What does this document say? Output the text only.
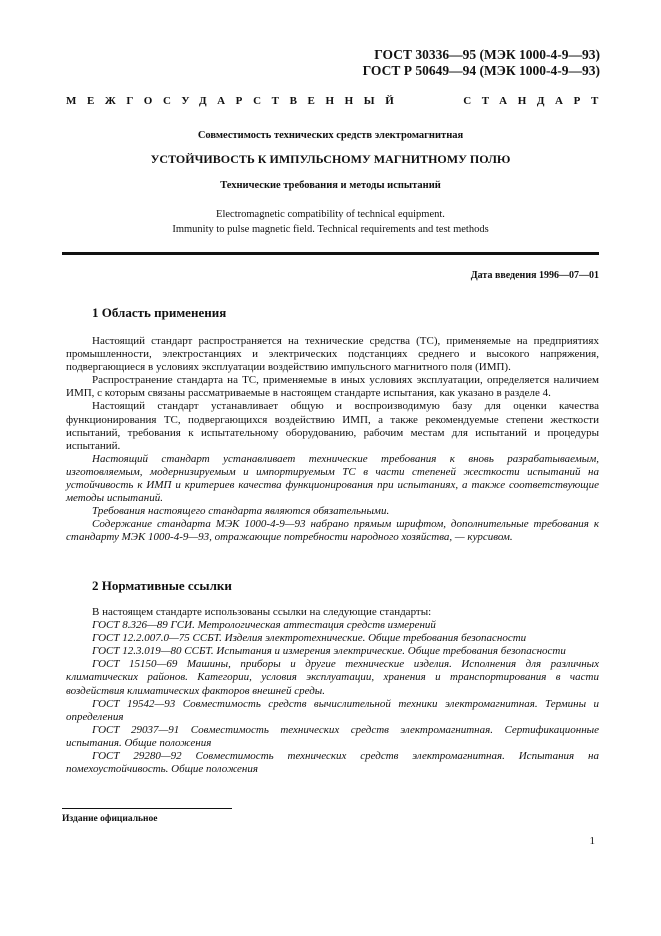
ГОСТ 30336—95 (МЭК 1000-4-9—93)
ГОСТ Р 50649—94 (МЭК 1000-4-9—93)
МЕЖГОСУДАРСТВЕННЫЙ	СТАНДАРТ
Совместимость технических средств электромагнитная
УСТОЙЧИВОСТЬ К ИМПУЛЬСНОМУ МАГНИТНОМУ ПОЛЮ
Технические требования и методы испытаний
Electromagnetic compatibility of technical equipment.
Immunity to pulse magnetic field. Technical requirements and test methods
Дата введения 1996—07—01
1 Область применения

Настоящий стандарт распространяется на технические средства (ТС), применяемые на предприятиях промышленности, электростанциях и электрических подстанциях среднего и высокого напряжения, подвергающиеся в условиях эксплуатации воздействию импульсного магнитного поля (ИМП).

Распространение стандарта на ТС, применяемые в иных условиях эксплуатации, определяется наличием ИМП, с которым связаны рассматриваемые в настоящем стандарте испытания, как указано в разделе 4.

Настоящий стандарт устанавливает общую и воспроизводимую базу для оценки качества функционирования ТС, подвергающихся воздействию ИМП, а также рекомендуемые степени жесткости испытаний, требования к испытательному оборудованию, рабочим местам для испытаний и процедуры испытаний.

Настоящий стандарт устанавливает технические требования к вновь разрабатываемым, изготовляемым, модернизируемым и импортируемым ТС в части степеней жесткости испытаний на устойчивость к ИМП и критериев качества функционирования при испытаниях, а также соответствующие методы испытаний.

Требования настоящего стандарта являются обязательными.

Содержание стандарта МЭК 1000-4-9—93 набрано прямым шрифтом, дополнительные требования к стандарту МЭК 1000-4-9—93, отражающие потребности народного хозяйства, — курсивом.

2 Нормативные ссылки

В настоящем стандарте использованы ссылки на следующие стандарты:

ГОСТ 8.326—89 ГСИ. Метрологическая аттестация средств измерений

ГОСТ 12.2.007.0—75 ССБТ. Изделия электротехнические. Общие требования безопасности

ГОСТ 12.3.019—80 ССБТ. Испытания и измерения электрические. Общие требования безопасности

ГОСТ 15150—69 Машины, приборы и другие технические изделия. Исполнения для различных климатических районов. Категории, условия эксплуатации, хранения и транспортирования в части воздействия климатических факторов внешней среды.

ГОСТ 19542—93 Совместимость средств вычислительной техники электромагнитная. Термины и определения

ГОСТ 29037—91 Совместимость технических средств электромагнитная. Сертификационные испытания. Общие положения

ГОСТ 29280—92 Совместимость технических средств электромагнитная. Испытания на помехоустойчивость. Общие положения

Издание официальное
1
